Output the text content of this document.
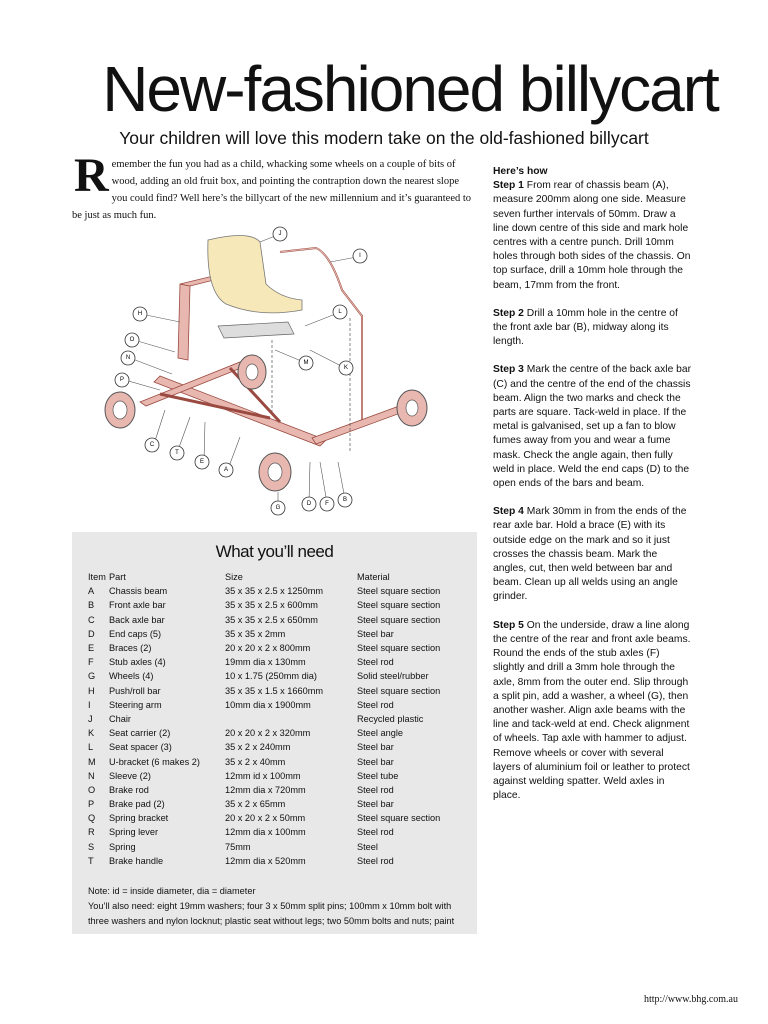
New-fashioned billycart
Your children will love this modern take on the old-fashioned billycart
Remember the fun you had as a child, whacking some wheels on a couple of bits of wood, adding an old fruit box, and pointing the contraption down the nearest slope you could find? Well here’s the billycart of the new millennium and it’s guaranteed to be just as much fun.
J
I
H	L
O
N
M
K
P
T
C
E
A
G
D F
B
What you’ll need
Item	Part	Size	Material
A	Chassis beam	35 x 35 x 2.5 x 1250mm	Steel square section
B	Front axle bar	35 x 35 x 2.5 x 600mm	Steel square section
C	Back axle bar	35 x 35 x 2.5 x 650mm	Steel square section
D	End caps (5)	35 x 35 x 2mm	Steel bar
E	Braces (2)	20 x 20 x 2 x 800mm	Steel square section
F	Stub axles (4)	19mm dia x 130mm	Steel rod
G	Wheels (4)	10 x 1.75 (250mm dia)	Solid steel/rubber
H	Push/roll bar	35 x 35 x 1.5 x 1660mm	Steel square section
I	Steering arm	10mm dia x 1900mm	Steel rod
J	Chair		Recycled plastic
K	Seat carrier (2)	20 x 20 x 2 x 320mm	Steel angle
L	Seat spacer (3)	35 x 2 x 240mm	Steel bar
M	U-bracket (6 makes 2)	35 x 2 x 40mm	Steel bar
N	Sleeve (2)	12mm id x 100mm	Steel tube
O	Brake rod	12mm dia x 720mm	Steel rod
P	Brake pad (2)	35 x 2 x 65mm	Steel bar
Q	Spring bracket	20 x 20 x 2 x 50mm	Steel square section
R	Spring lever	12mm dia x 100mm	Steel rod
S	Spring	75mm	Steel
T	Brake handle	12mm dia x 520mm	Steel rod
Note: id = inside diameter, dia = diameter
You’ll also need: eight 19mm washers; four 3 x 50mm split pins; 100mm x 10mm bolt with three washers and nylon locknut; plastic seat without legs; two 50mm bolts and nuts; paint
Here’s how

Step 1 From rear of chassis beam (A), measure 200mm along one side. Measure seven further intervals of 50mm. Draw a line down centre of this side and mark hole centres with a centre punch. Drill 10mm holes through both sides of the chassis. On top surface, drill a 10mm hole through the beam, 17mm from the front.

Step 2 Drill a 10mm hole in the centre of the front axle bar (B), midway along its length.

Step 3 Mark the centre of the back axle bar (C) and the centre of the end of the chassis beam. Align the two marks and check the parts are square. Tack-weld in place. If the metal is galvanised, set up a fan to blow fumes away from you and wear a fume mask. Check the angle again, then fully weld in place. Weld the end caps (D) to the open ends of the bars and beam.

Step 4 Mark 30mm in from the ends of the rear axle bar. Hold a brace (E) with its outside edge on the mark and so it just crosses the chassis beam. Mark the angles, cut, then weld between bar and beam. Clean up all welds using an angle grinder.

Step 5 On the underside, draw a line along the centre of the rear and front axle beams. Round the ends of the stub axles (F) slightly and drill a 3mm hole through the axle, 8mm from the outer end. Slip through a split pin, add a washer, a wheel (G), then another washer. Align axle beams with the line and tack-weld at end. Check alignment of wheels. Tap axle with hammer to adjust. Remove wheels or cover with several layers of aluminium foil or leather to protect against welding spatter. Weld axles in place.

http://www.bhg.com.au
